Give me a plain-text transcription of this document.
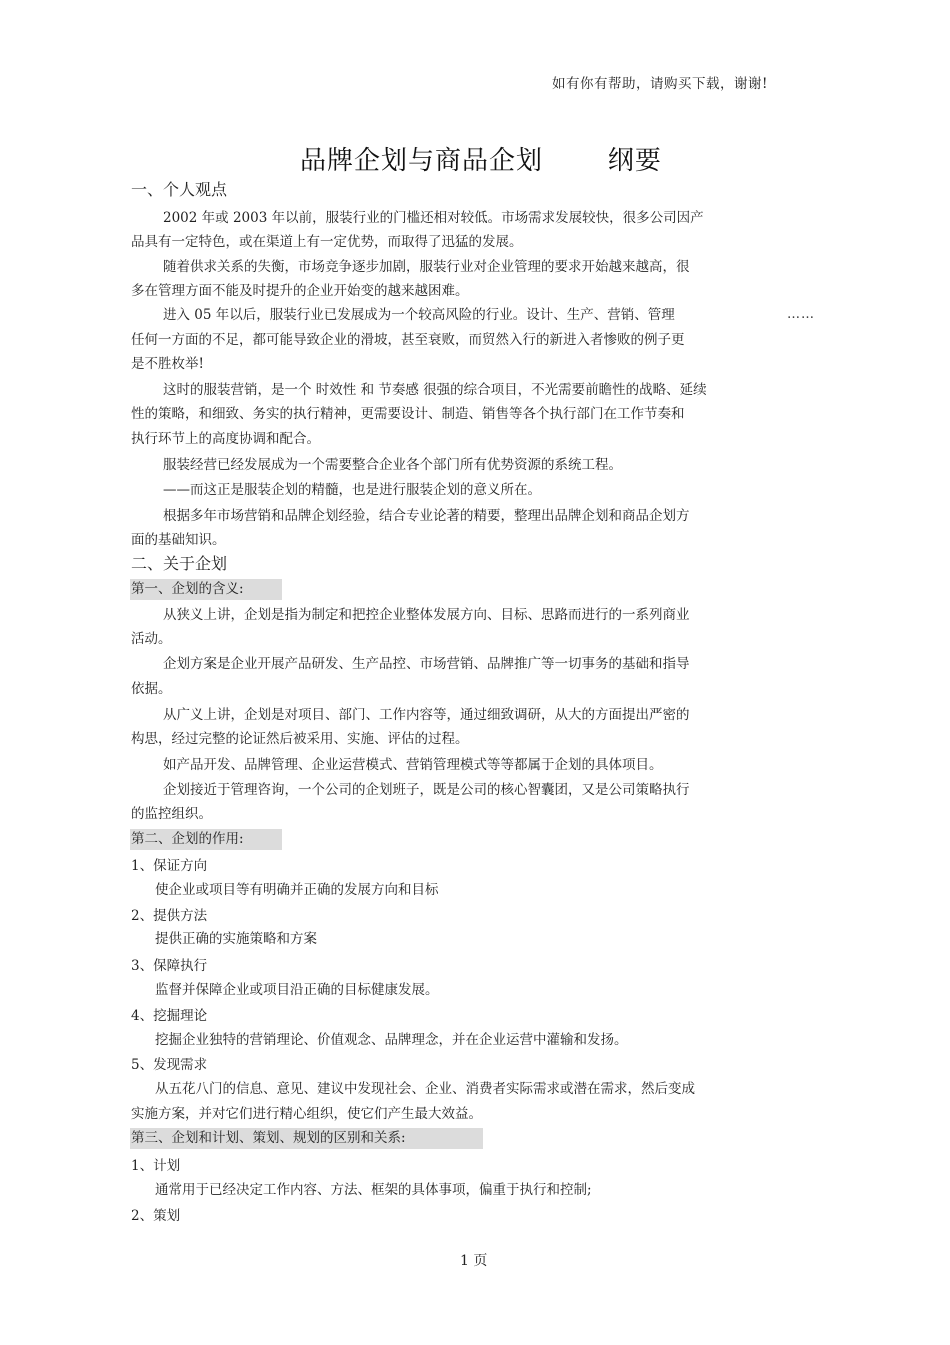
如有你有帮助，请购买下载，谢谢!
品牌企划与商品企划       纲要
一、个人观点
2002 年或 2003 年以前，服装行业的门槛还相对较低。市场需求发展较快，很多公司因产
品具有一定特色，或在渠道上有一定优势，而取得了迅猛的发展。
随着供求关系的失衡，市场竞争逐步加剧，服装行业对企业管理的要求开始越来越高，很
多在管理方面不能及时提升的企业开始变的越来越困难。
进入 05 年以后，服装行业已发展成为一个较高风险的行业。设计、生产、营销、管理	……
任何一方面的不足，都可能导致企业的滑坡，甚至衰败，而贸然入行的新进入者惨败的例子更
是不胜枚举!
这时的服装营销，是一个 时效性 和 节奏感 很强的综合项目，不光需要前瞻性的战略、延续
性的策略，和细致、务实的执行精神，更需要设计、制造、销售等各个执行部门在工作节奏和
执行环节上的高度协调和配合。
服装经营已经发展成为一个需要整合企业各个部门所有优势资源的系统工程。
——而这正是服装企划的精髓，也是进行服装企划的意义所在。
根据多年市场营销和品牌企划经验，结合专业论著的精要，整理出品牌企划和商品企划方
面的基础知识。
二、关于企划
第一、企划的含义:
从狭义上讲，企划是指为制定和把控企业整体发展方向、目标、思路而进行的一系列商业
活动。
企划方案是企业开展产品研发、生产品控、市场营销、品牌推广等一切事务的基础和指导
依据。
从广义上讲，企划是对项目、部门、工作内容等，通过细致调研，从大的方面提出严密的
构思，经过完整的论证然后被采用、实施、评估的过程。
如产品开发、品牌管理、企业运营模式、营销管理模式等等都属于企划的具体项目。
企划接近于管理咨询，一个公司的企划班子，既是公司的核心智囊团，又是公司策略执行
的监控组织。
第二、企划的作用:
1、保证方向
使企业或项目等有明确并正确的发展方向和目标
2、提供方法
提供正确的实施策略和方案
3、保障执行
监督并保障企业或项目沿正确的目标健康发展。
4、挖掘理论
挖掘企业独特的营销理论、价值观念、品牌理念，并在企业运营中灌输和发扬。
5、发现需求
从五花八门的信息、意见、建议中发现社会、企业、消费者实际需求或潜在需求，然后变成
实施方案，并对它们进行精心组织，使它们产生最大效益。
第三、企划和计划、策划、规划的区别和关系:
1、计划
通常用于已经决定工作内容、方法、框架的具体事项，偏重于执行和控制;
2、策划
1 页
